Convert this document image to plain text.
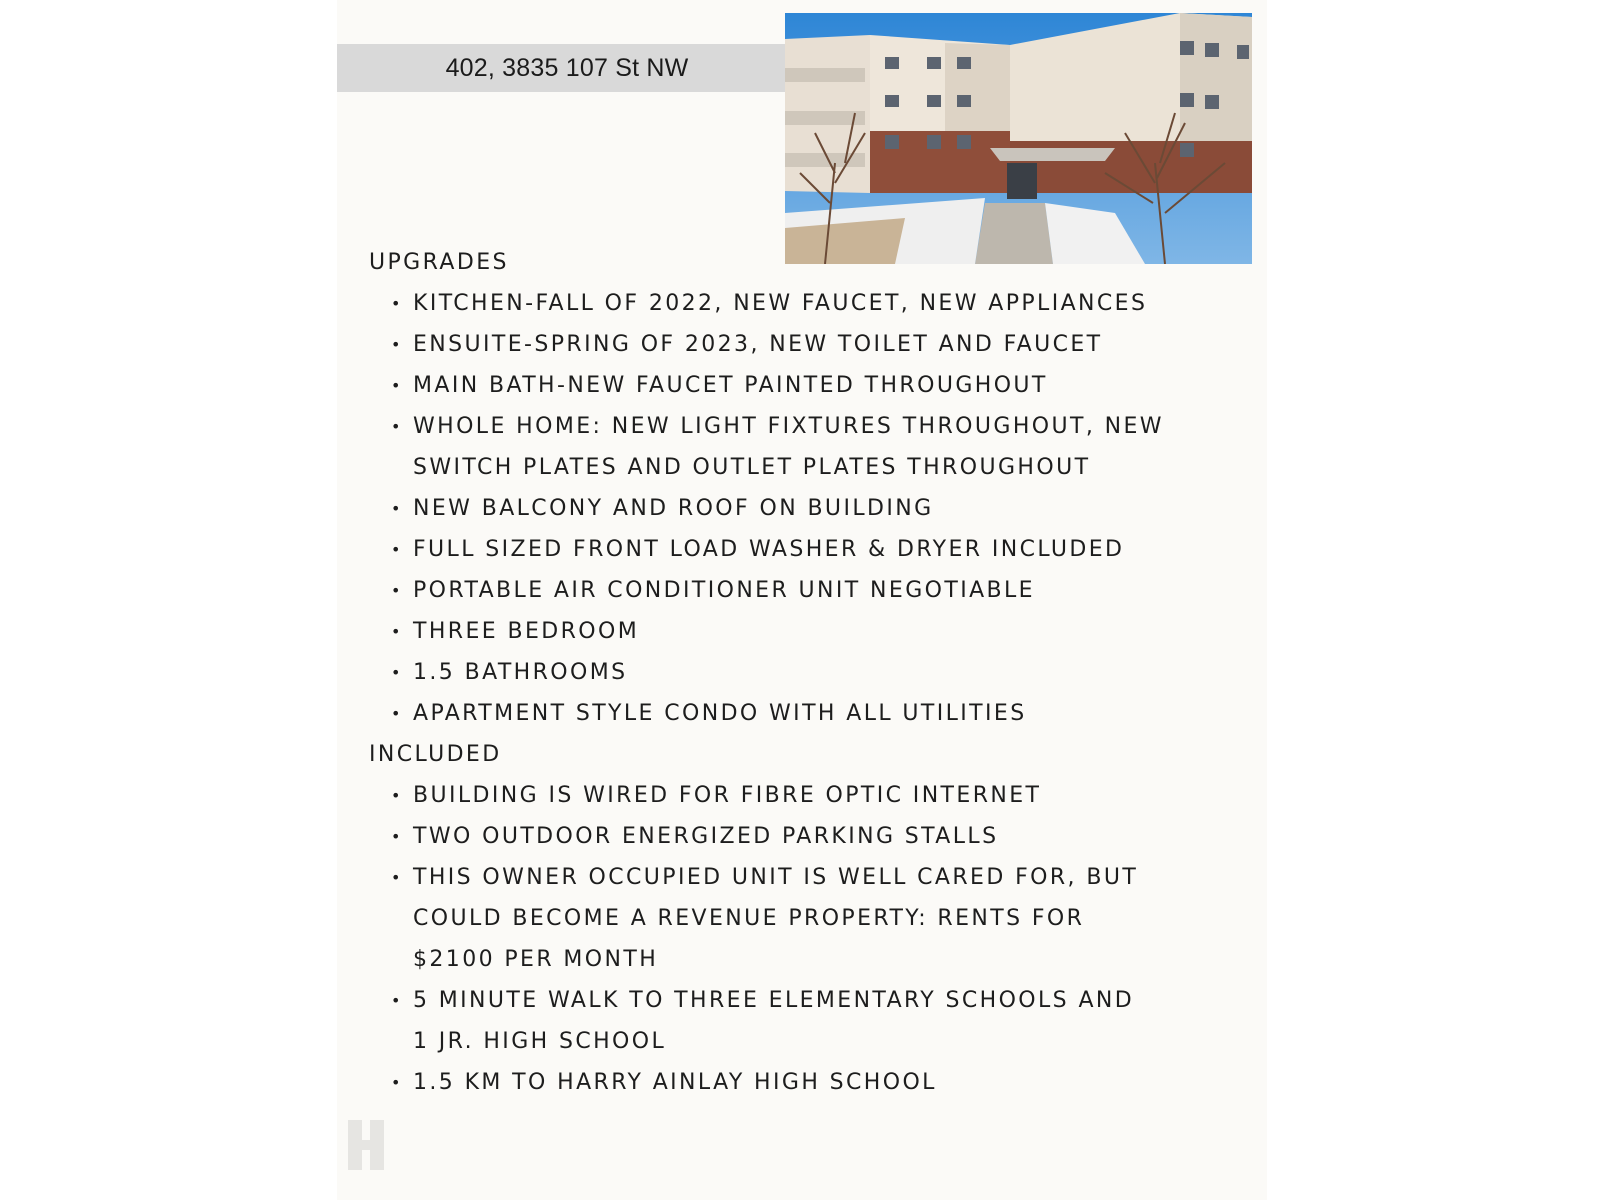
402, 3835 107 St NW
UPGRADES
• KITCHEN-FALL OF 2022, NEW FAUCET, NEW APPLIANCES
• ENSUITE-SPRING OF 2023, NEW TOILET AND FAUCET
• MAIN BATH-NEW FAUCET PAINTED THROUGHOUT
• WHOLE HOME: NEW LIGHT FIXTURES THROUGHOUT, NEW
SWITCH PLATES AND OUTLET PLATES THROUGHOUT
• NEW BALCONY AND ROOF ON BUILDING
• FULL SIZED FRONT LOAD WASHER & DRYER INCLUDED
• PORTABLE AIR CONDITIONER UNIT NEGOTIABLE
• THREE BEDROOM
• 1.5 BATHROOMS
• APARTMENT STYLE CONDO WITH ALL UTILITIES
INCLUDED
• BUILDING IS WIRED FOR FIBRE OPTIC INTERNET
• TWO OUTDOOR ENERGIZED PARKING STALLS
• THIS OWNER OCCUPIED UNIT IS WELL CARED FOR, BUT
COULD BECOME A REVENUE PROPERTY: RENTS FOR
$2100 PER MONTH
• 5 MINUTE WALK TO THREE ELEMENTARY SCHOOLS AND
1 JR. HIGH SCHOOL
• 1.5 KM TO HARRY AINLAY HIGH SCHOOL
